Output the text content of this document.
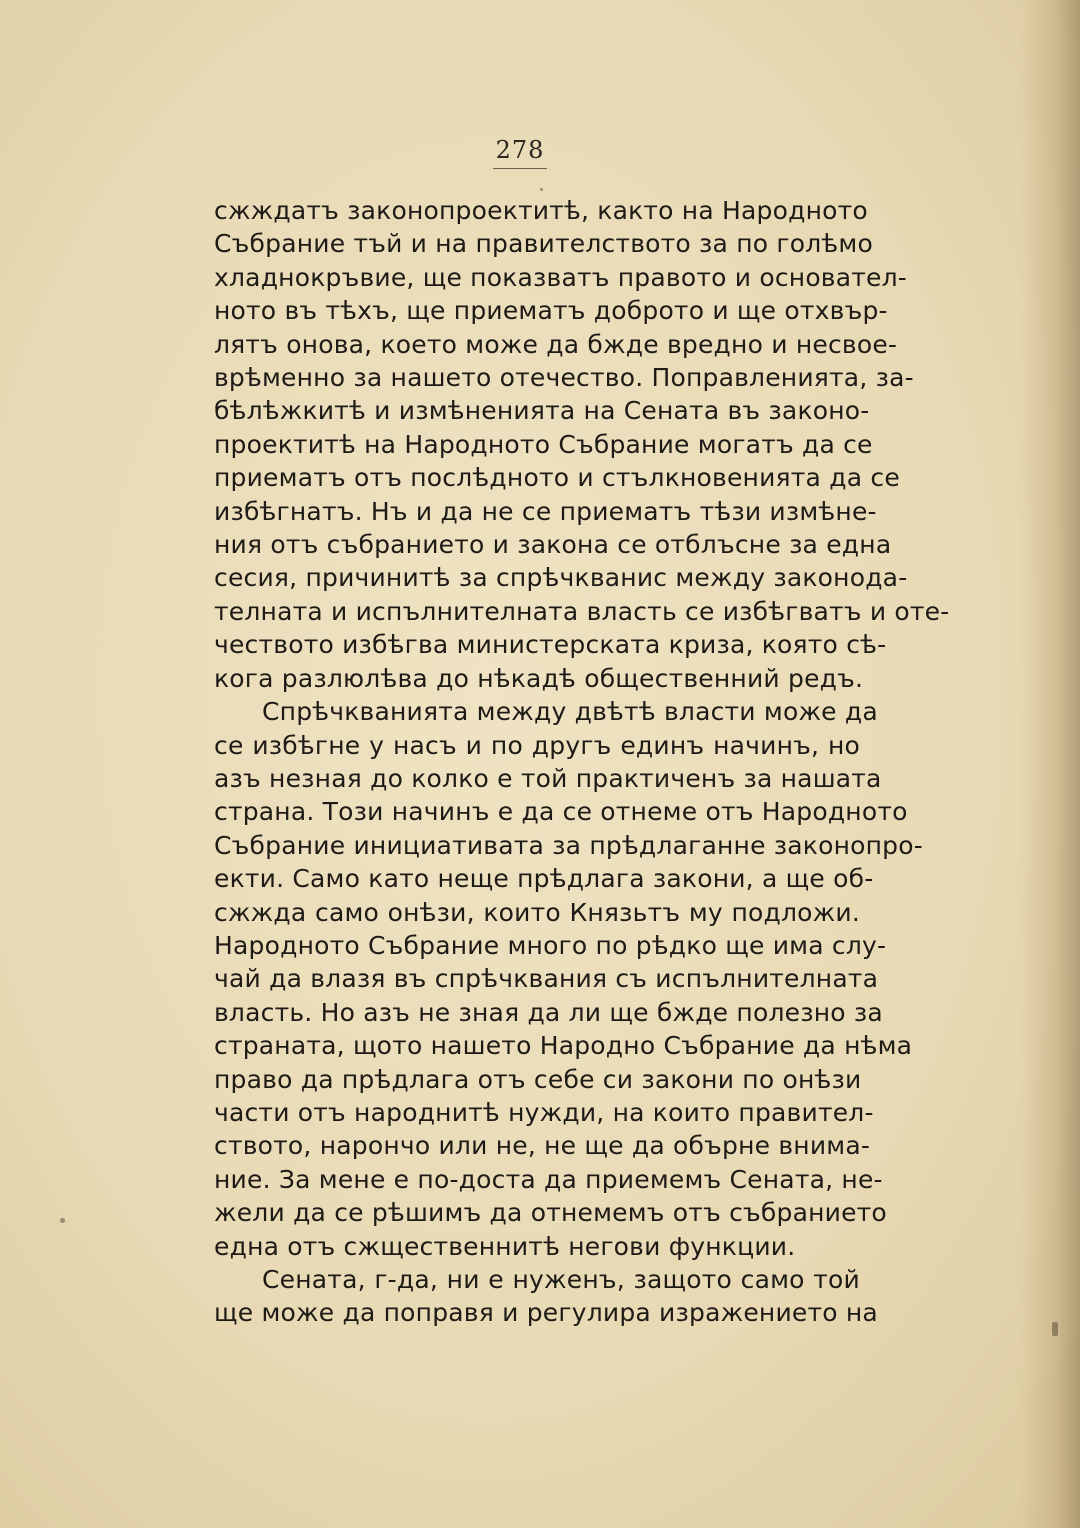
278
сжждатъ законопроектитѣ, както на Народното
Събрание тъй и на правителството за по голѣмо
хладнокръвие, ще показватъ правото и основател-
ното въ тѣхъ, ще приематъ доброто и ще отхвър-
лятъ онова, което може да бжде вредно и несвое-
врѣменно за нашето отечество. Поправленията, за-
бѣлѣжкитѣ и измѣненията на Сената въ законо-
проектитѣ на Народното Събрание могатъ да се
приематъ отъ послѣдното и стълкновенията да се
избѣгнатъ. Нъ и да не се приематъ тѣзи измѣне-
ния отъ събранието и закона се отблъсне за една
сесия, причинитѣ за спрѣчкванис между законода-
телната и испълнителната власть се избѣгватъ и оте-
чеството избѣгва министерската криза, която сѣ-
кога разлюлѣва до нѣкадѣ общественний редъ.
Спрѣчкванията между двѣтѣ власти може да
се избѣгне у насъ и по другъ единъ начинъ, но
азъ незная до колко е той практиченъ за нашата
страна. Този начинъ е да се отнеме отъ Народното
Събрание инициативата за прѣдлаганне законопро-
екти. Само като неще прѣдлага закони, а ще об-
сжжда само онѣзи, които Князьтъ му подложи.
Народното Събрание много по рѣдко ще има слу-
чай да влазя въ спрѣчквания съ испълнителната
власть. Но азъ не зная да ли ще бжде полезно за
страната, щото нашето Народно Събрание да нѣма
право да прѣдлага отъ себе си закони по онѣзи
части отъ народнитѣ нужди, на които правител-
ството, нарончо или не, не ще да обърне внима-
ние. За мене е по-доста да приемемъ Сената, не-
жели да се рѣшимъ да отнемемъ отъ събранието
една отъ сжщественнитѣ негови функции.
Сената, г-да, ни е нуженъ, защото само той
ще може да поправя и регулира изражението на
